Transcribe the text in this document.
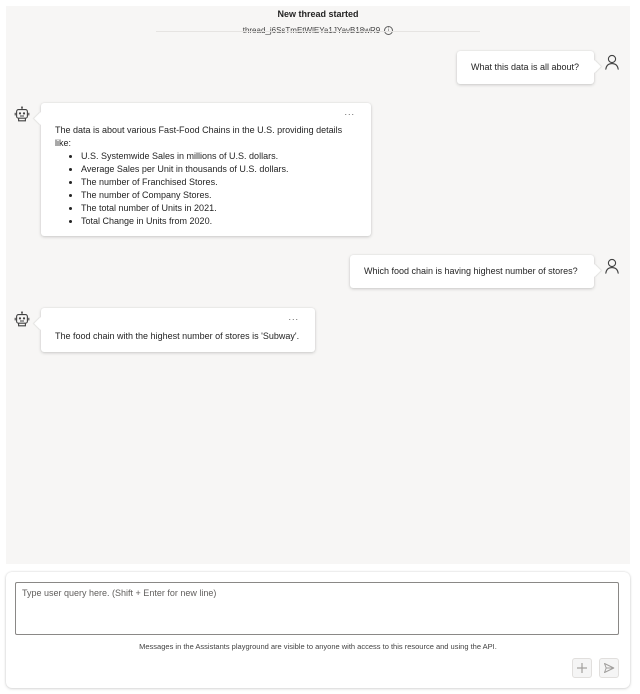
New thread started
What this data is all about?
...
The data is about various Fast-Food Chains in the U.S. providing details like:
• U.S. Systemwide Sales in millions of U.S. dollars.
• Average Sales per Unit in thousands of U.S. dollars.
• The number of Franchised Stores.
• The number of Company Stores.
• The total number of Units in 2021.
• Total Change in Units from 2020.
Which food chain is having highest number of stores?
...
The food chain with the highest number of stores is 'Subway'.
Type user query here. (Shift + Enter for new line)
Messages in the Assistants playground are visible to anyone with access to this resource and using the API.
